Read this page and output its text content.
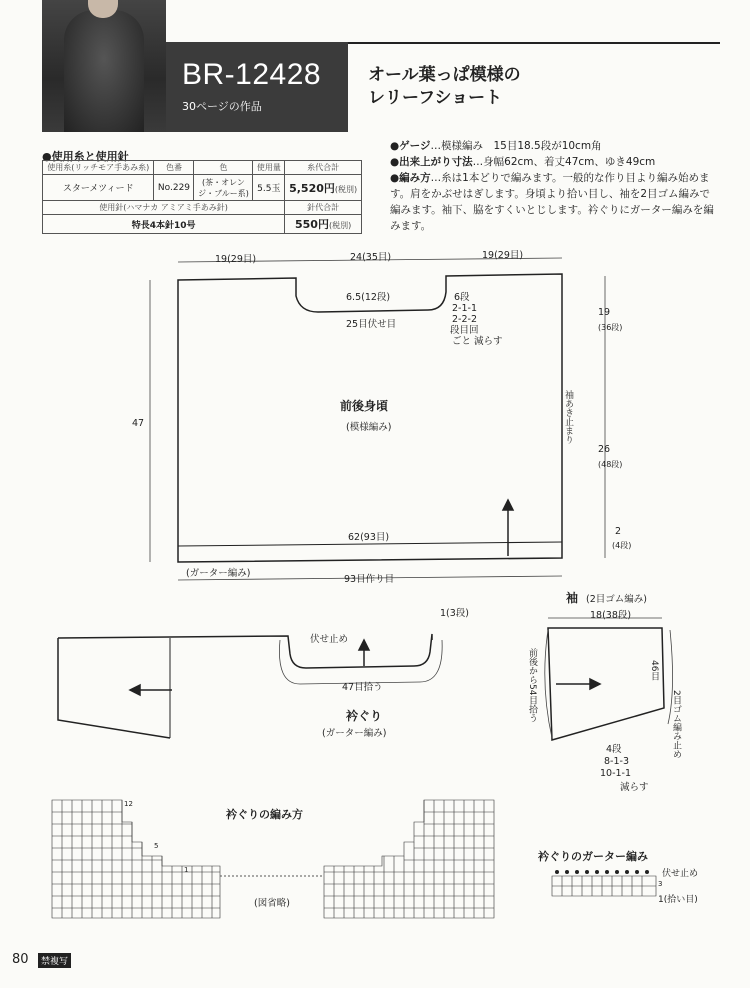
BR-12428
30ページの作品
オール葉っぱ模様の
レリーフショート
●使用糸と使用針
使用糸(リッチモア手あみ糸)	色番	色	使用量	糸代合計
スターメツィード	No.229	(茶・オレンジ・ブルー系)	5.5玉	5,520円(税別)
使用針(ハマナカ アミアミ手あみ針)				針代合計
特長4本針10号				550円(税別)
●ゲージ…模様編み　15目18.5段が10cm角
●出来上がり寸法…身幅62cm、着丈47cm、ゆき49cm
●編み方…糸は1本どりで編みます。一般的な作り目より編み始めます。肩をかぶせはぎします。身頃より拾い目し、袖を2目ゴム編みで編みます。袖下、脇をすくいとじします。衿ぐりにガーター編みを編みます。
19(29目)	24(35目)	19(29目)
6.5(12段)
25目伏せ目
6段
2-1-1
2-2-2
段目回
ごと 減らす
前後身頃
(模様編み)
47
19
(36段)
袖あき止まり
26
(48段)
2
(4段)
62(93目)
(ガーター編み)
93目作り目
1(3段)
伏せ止め
47目拾う
衿ぐり
(ガーター編み)
袖 (2目ゴム編み)
18(38段)
前後から54目拾う	46目
2目ゴム編み止め
4段
8-1-3
10-1-1
減らす
衿ぐりの編み方
12
5
1
(図省略)
衿ぐりのガーター編み
伏せ止め
3
1(拾い目)
80	禁複写
